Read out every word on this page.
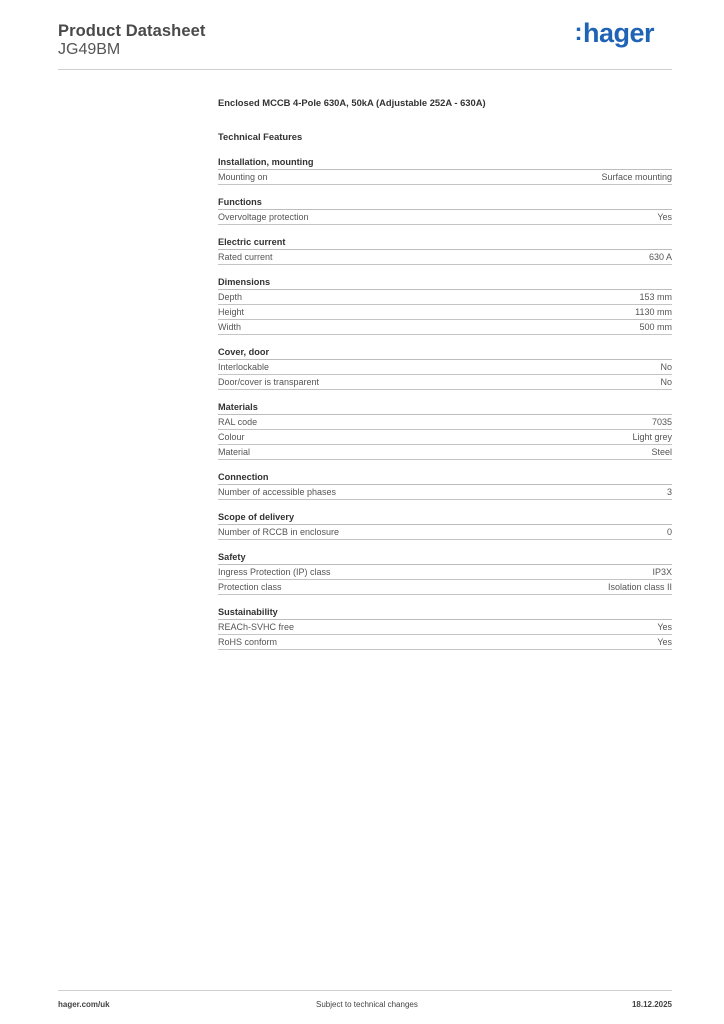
Product Datasheet
JG49BM
:hager
Enclosed MCCB 4-Pole 630A, 50kA (Adjustable 252A - 630A)
Technical Features
Installation, mounting
Mounting on	Surface mounting
Functions
Overvoltage protection	Yes
Electric current
Rated current	630 A
Dimensions
Depth	153 mm
Height	1130 mm
Width	500 mm
Cover, door
Interlockable	No
Door/cover is transparent	No
Materials
RAL code	7035
Colour	Light grey
Material	Steel
Connection
Number of accessible phases	3
Scope of delivery
Number of RCCB in enclosure	0
Safety
Ingress Protection (IP) class	IP3X
Protection class	Isolation class II
Sustainability
REACh-SVHC free	Yes
RoHS conform	Yes
hager.com/uk	Subject to technical changes	18.12.2025
